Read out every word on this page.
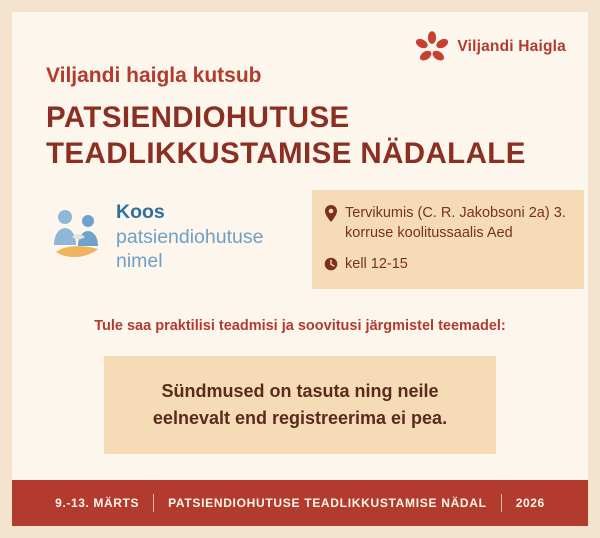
Viljandi Haigla
Viljandi haigla kutsub
PATSIENDIOHUTUSE TEADLIKKUSTAMISE NÄDALALE
Koos
patsiendiohutuse
nimel
Tervikumis (C. R. Jakobsoni 2a) 3. korruse koolitussaalis Aed
kell 12-15
Tule saa praktilisi teadmisi ja soovitusi järgmistel teemadel:
Sündmused on tasuta ning neile eelnevalt end registreerima ei pea.
9.-13. MÄRTS PATSIENDIOHUTUSE TEADLIKKUSTAMISE NÄDAL 2026
